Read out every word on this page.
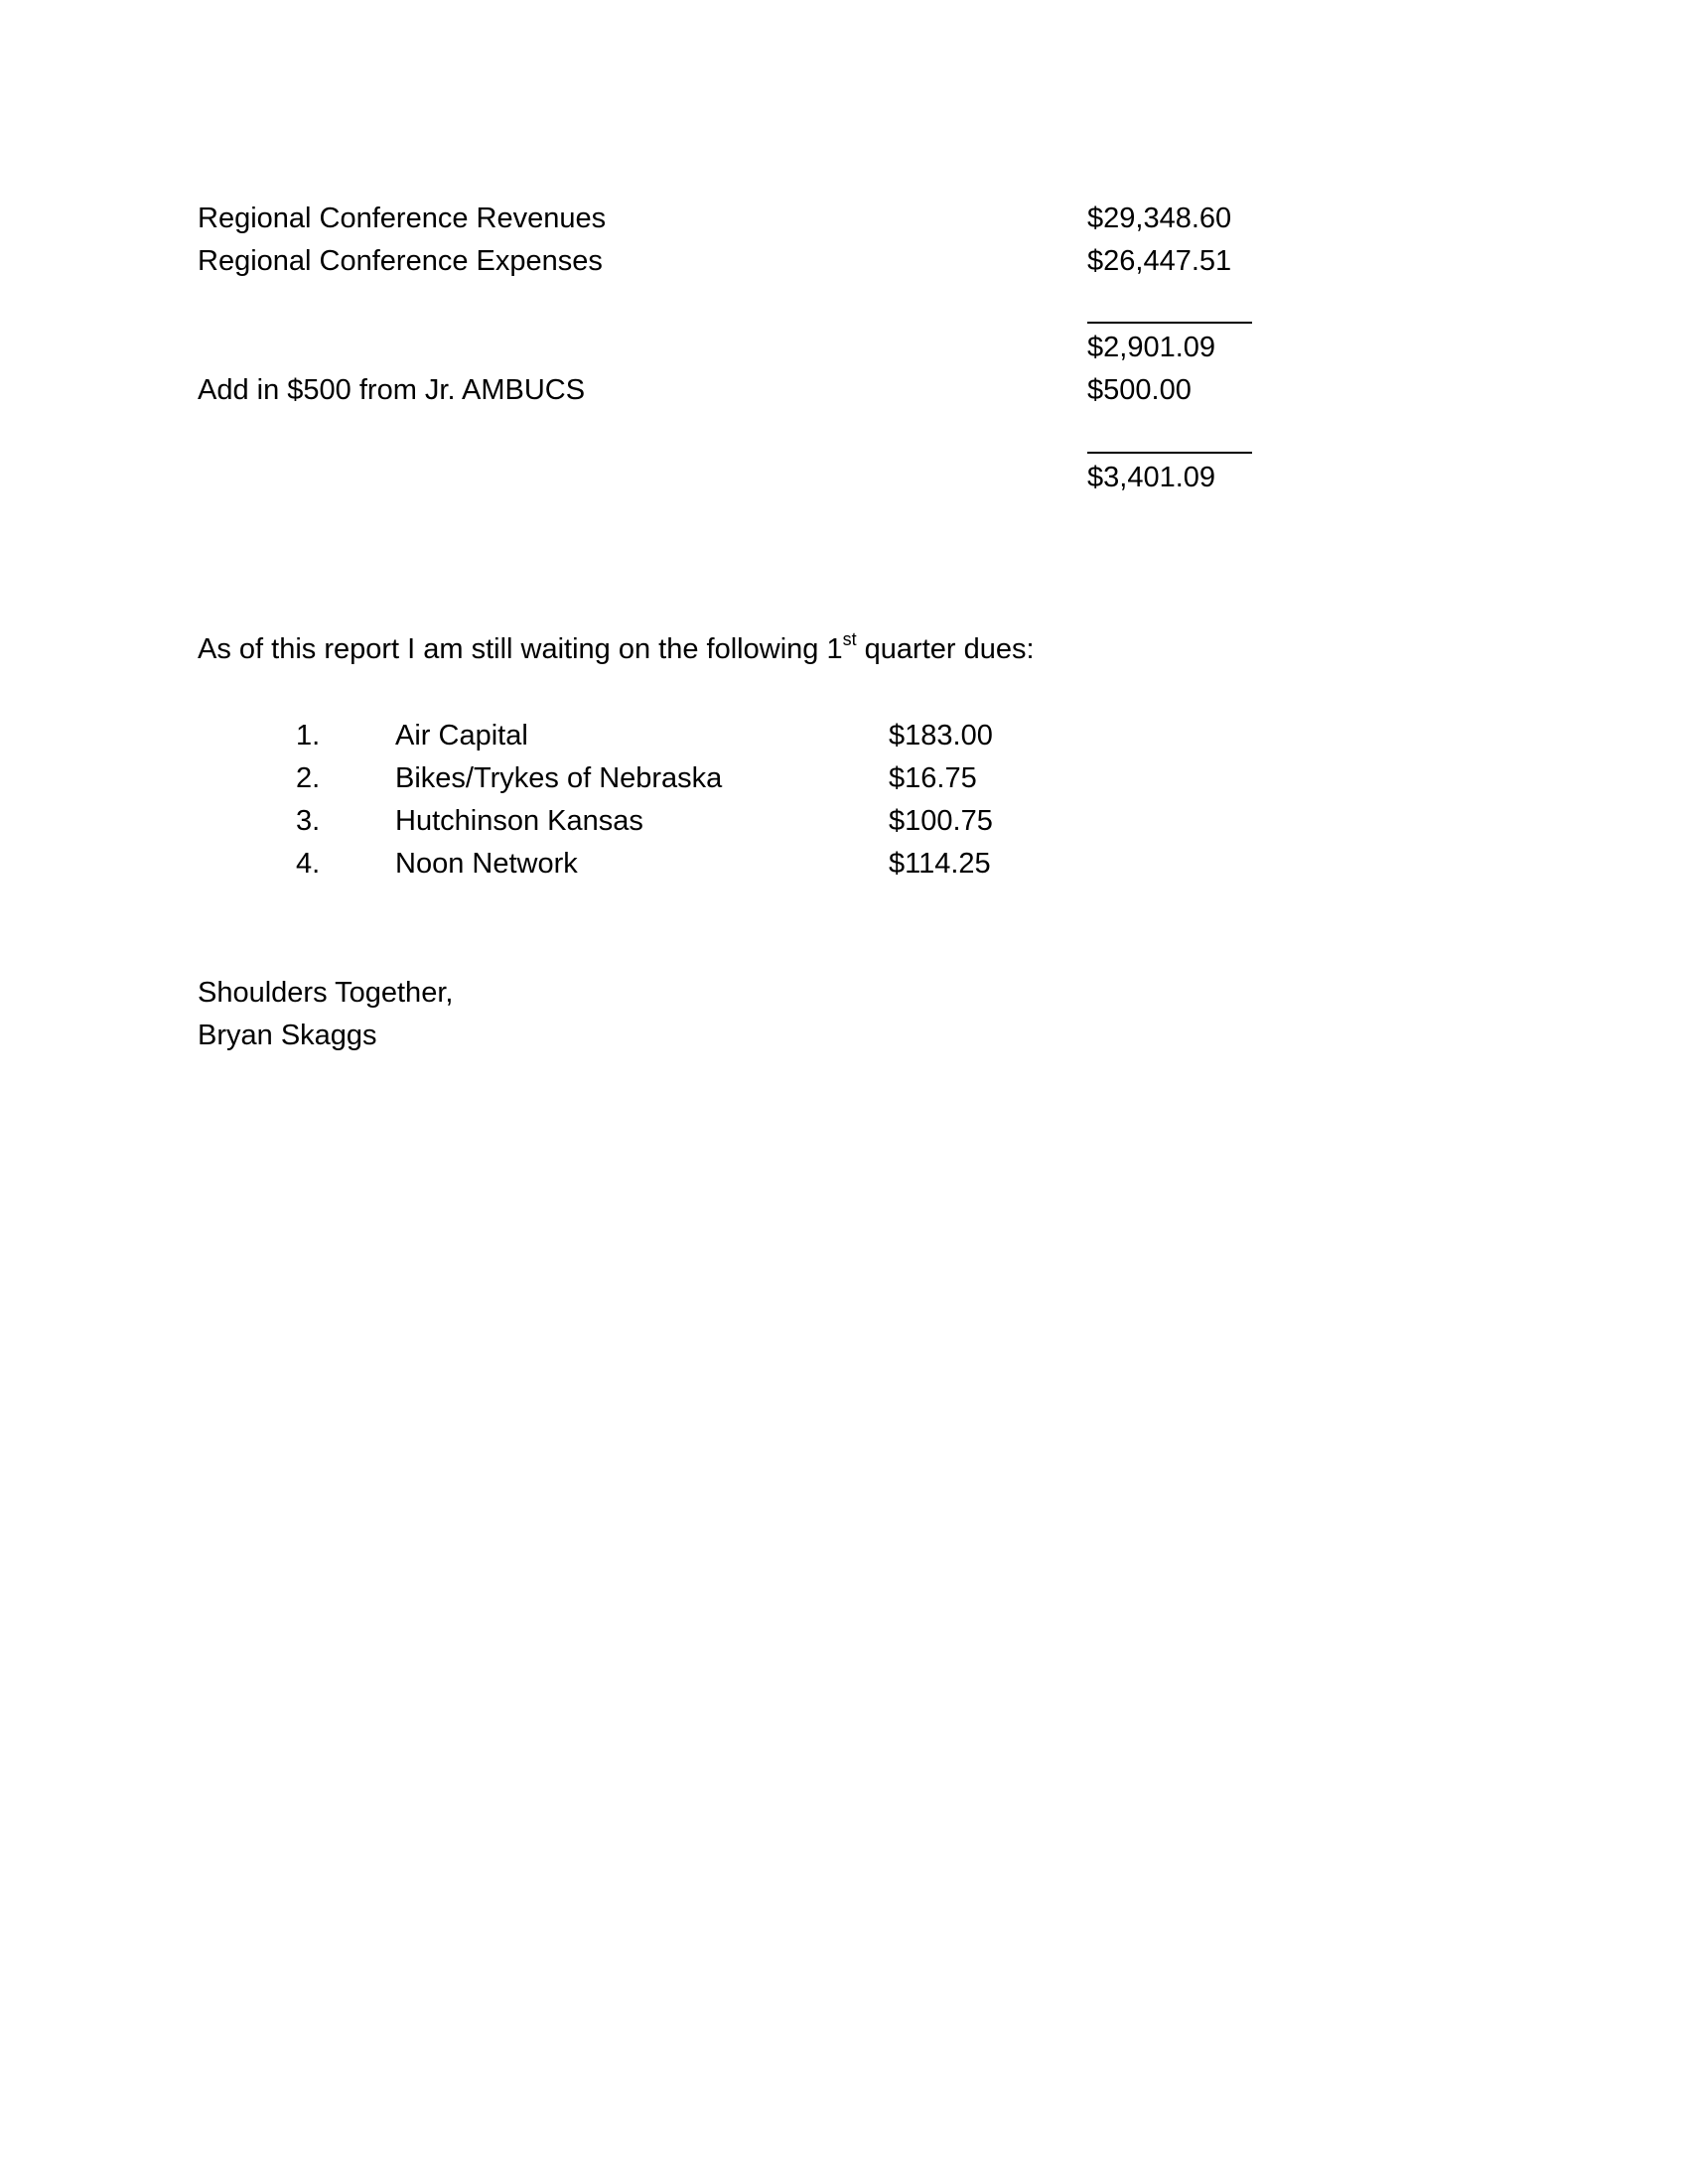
Regional Conference Revenues	$29,348.60
Regional Conference Expenses	$26,447.51
$2,901.09
Add in $500 from Jr. AMBUCS	$500.00
$3,401.09
As of this report I am still waiting on the following 1st quarter dues:
1.	Air Capital	$183.00
2.	Bikes/Trykes of Nebraska	$16.75
3.	Hutchinson Kansas	$100.75
4.	Noon Network	$114.25
Shoulders Together,
Bryan Skaggs
